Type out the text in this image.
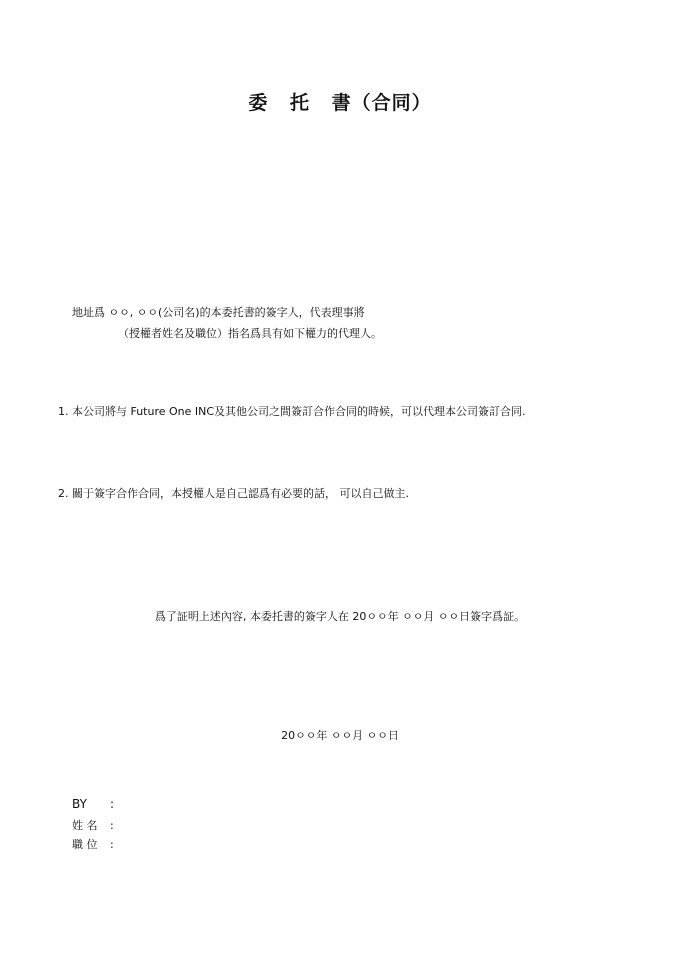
委 托 書（合同）
地址爲 ㅇㅇ, ㅇㅇ(公司名)的本委托書的簽字人，代表理事將
（授權者姓名及職位）指名爲具有如下權力的代理人。
1. 本公司將与 Future One INC及其他公司之間簽訂合作合同的時候，可以代理本公司簽訂合同.
2. 關于簽字合作合同，本授權人是自己認爲有必要的話， 可以自己做主.
爲了証明上述內容, 本委托書的簽字人在 20ㅇㅇ年 ㅇㅇ月 ㅇㅇ日簽字爲証。
20ㅇㅇ年 ㅇㅇ月 ㅇㅇ日
BY :
姓 名 :
職 位 :
